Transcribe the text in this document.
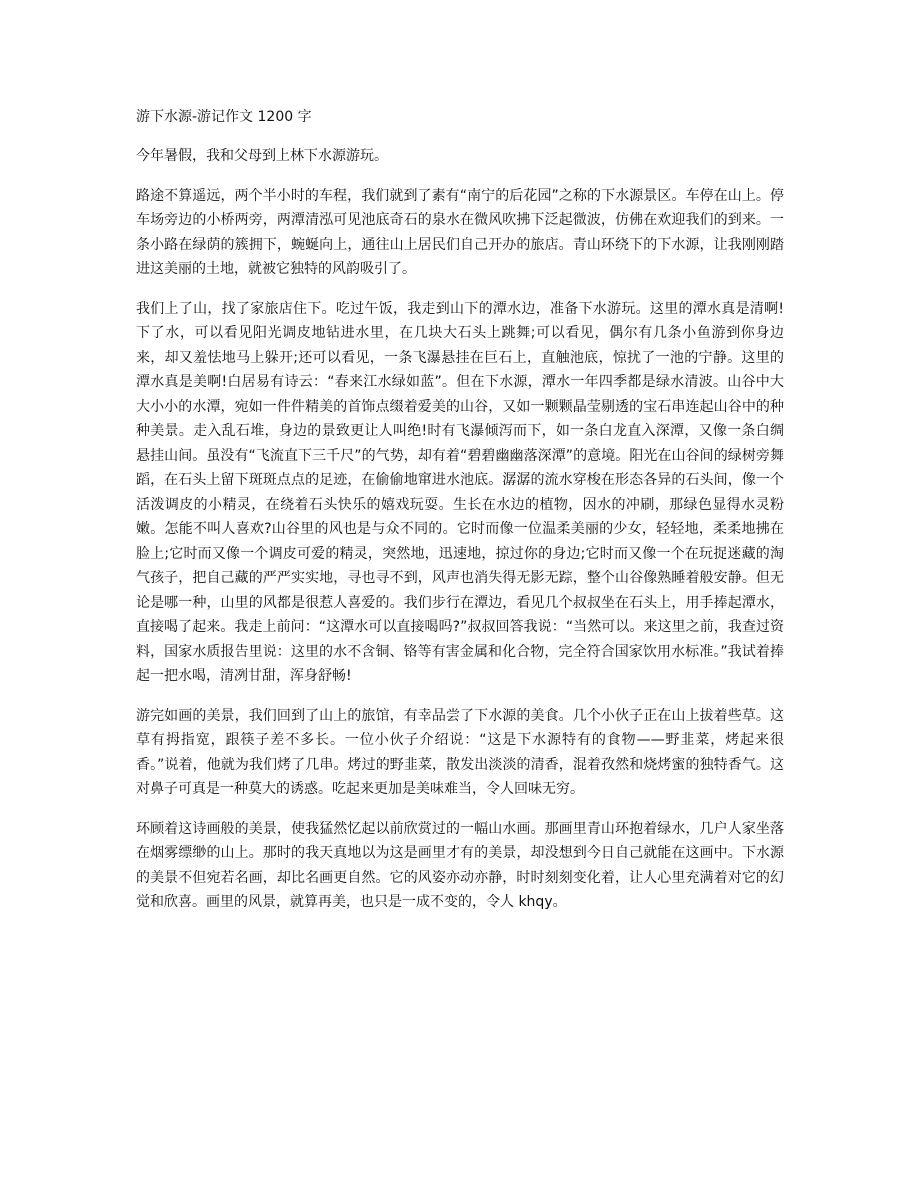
游下水源-游记作文 1200 字

今年暑假，我和父母到上林下水源游玩。

路途不算遥远，两个半小时的车程，我们就到了素有“南宁的后花园”之称的下水源景区。车停在山上。停车场旁边的小桥两旁，两潭清泓可见池底奇石的泉水在微风吹拂下泛起微波，仿佛在欢迎我们的到来。一条小路在绿荫的簇拥下，蜿蜒向上，通往山上居民们自己开办的旅店。青山环绕下的下水源，让我刚刚踏进这美丽的土地，就被它独特的风韵吸引了。

我们上了山，找了家旅店住下。吃过午饭，我走到山下的潭水边，准备下水游玩。这里的潭水真是清啊!下了水，可以看见阳光调皮地钻进水里，在几块大石头上跳舞;可以看见，偶尔有几条小鱼游到你身边来，却又羞怯地马上躲开;还可以看见，一条飞瀑悬挂在巨石上，直触池底，惊扰了一池的宁静。这里的潭水真是美啊!白居易有诗云：“春来江水绿如蓝”。但在下水源，潭水一年四季都是绿水清波。山谷中大大小小的水潭，宛如一件件精美的首饰点缀着爱美的山谷，又如一颗颗晶莹剔透的宝石串连起山谷中的种种美景。走入乱石堆，身边的景致更让人叫绝!时有飞瀑倾泻而下，如一条白龙直入深潭，又像一条白绸悬挂山间。虽没有“飞流直下三千尺”的气势，却有着“碧碧幽幽落深潭”的意境。阳光在山谷间的绿树旁舞蹈，在石头上留下斑斑点点的足迹，在偷偷地窜进水池底。潺潺的流水穿梭在形态各异的石头间，像一个活泼调皮的小精灵，在绕着石头快乐的嬉戏玩耍。生长在水边的植物，因水的冲刷，那绿色显得水灵粉嫩。怎能不叫人喜欢?山谷里的风也是与众不同的。它时而像一位温柔美丽的少女，轻轻地，柔柔地拂在脸上;它时而又像一个调皮可爱的精灵，突然地，迅速地，掠过你的身边;它时而又像一个在玩捉迷藏的淘气孩子，把自己藏的严严实实地，寻也寻不到，风声也消失得无影无踪，整个山谷像熟睡着般安静。但无论是哪一种，山里的风都是很惹人喜爱的。我们步行在潭边，看见几个叔叔坐在石头上，用手捧起潭水，直接喝了起来。我走上前问：“这潭水可以直接喝吗?”叔叔回答我说：“当然可以。来这里之前，我查过资料，国家水质报告里说：这里的水不含铜、铬等有害金属和化合物，完全符合国家饮用水标准。”我试着捧起一把水喝，清冽甘甜，浑身舒畅!

游完如画的美景，我们回到了山上的旅馆，有幸品尝了下水源的美食。几个小伙子正在山上拔着些草。这草有拇指宽，跟筷子差不多长。一位小伙子介绍说：“这是下水源特有的食物——野韭菜，烤起来很香。”说着，他就为我们烤了几串。烤过的野韭菜，散发出淡淡的清香，混着孜然和烧烤蜜的独特香气。这对鼻子可真是一种莫大的诱惑。吃起来更加是美味难当，令人回味无穷。

环顾着这诗画般的美景，使我猛然忆起以前欣赏过的一幅山水画。那画里青山环抱着绿水，几户人家坐落在烟雾缥缈的山上。那时的我天真地以为这是画里才有的美景，却没想到今日自己就能在这画中。下水源的美景不但宛若名画，却比名画更自然。它的风姿亦动亦静，时时刻刻变化着，让人心里充满着对它的幻觉和欣喜。画里的风景，就算再美，也只是一成不变的，令人 khqy。
